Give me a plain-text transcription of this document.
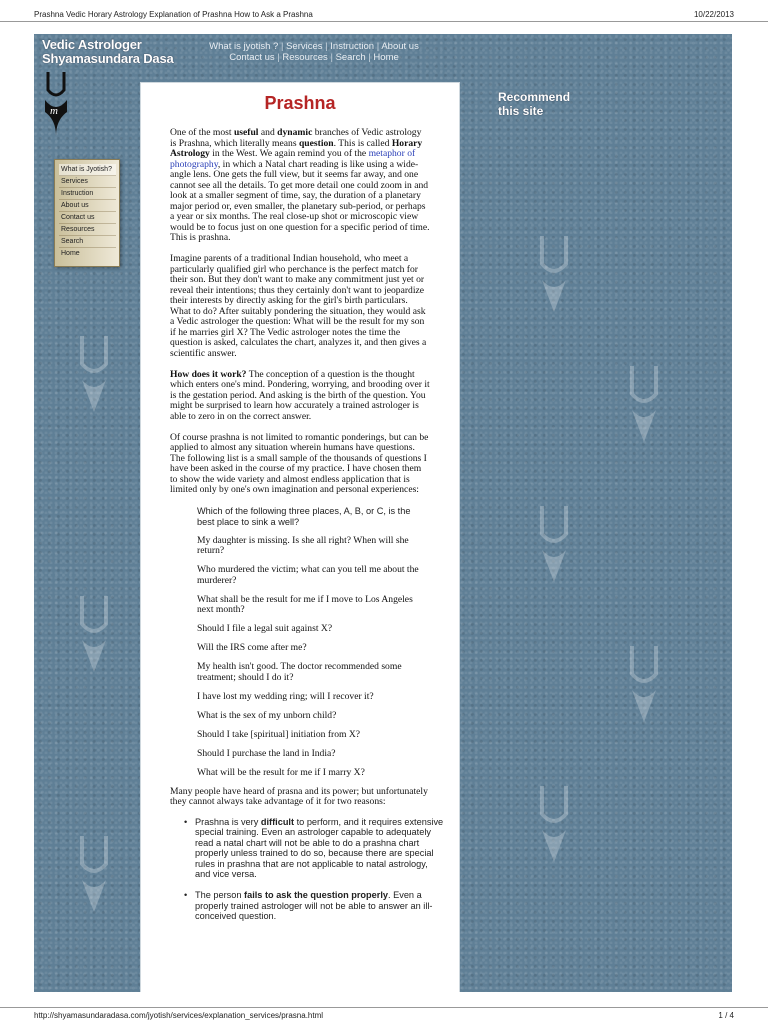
Prashna Vedic Horary Astrology Explanation of Prashna How to Ask a Prashna	10/22/2013
Vedic Astrologer
Shyamasundara Dasa
m
What is jyotish ? | Services | Instruction | About us
Contact us | Resources | Search | Home
What is Jyotish?
Services
Instruction
About us
Contact us
Resources
Search
Home
Recommend
this site
Prashna

One of the most useful and dynamic branches of Vedic astrology is Prashna, which literally means question. This is called Horary Astrology in the West. We again remind you of the metaphor of photography, in which a Natal chart reading is like using a wide-angle lens. One gets the full view, but it seems far away, and one cannot see all the details. To get more detail one could zoom in and look at a smaller segment of time, say, the duration of a planetary major period or, even smaller, the planetary sub-period, or perhaps a year or six months. The real close-up shot or microscopic view would be to focus just on one question for a specific period of time. This is prashna.

Imagine parents of a traditional Indian household, who meet a particularly qualified girl who perchance is the perfect match for their son. But they don't want to make any commitment just yet or reveal their intentions; thus they certainly don't want to jeopardize their interests by directly asking for the girl's birth particulars. What to do? After suitably pondering the situation, they would ask a Vedic astrologer the question: What will be the result for my son if he marries girl X? The Vedic astrologer notes the time the question is asked, calculates the chart, analyzes it, and then gives a scientific answer.

How does it work? The conception of a question is the thought which enters one's mind. Pondering, worrying, and brooding over it is the gestation period. And asking is the birth of the question. You might be surprised to learn how accurately a trained astrologer is able to zero in on the correct answer.

Of course prashna is not limited to romantic ponderings, but can be applied to almost any situation wherein humans have questions. The following list is a small sample of the thousands of questions I have been asked in the course of my practice. I have chosen them to show the wide variety and almost endless application that is limited only by one's own imagination and personal experiences:

Which of the following three places, A, B, or C, is the best place to sink a well?
My daughter is missing. Is she all right? When will she return?
Who murdered the victim; what can you tell me about the murderer?
What shall be the result for me if I move to Los Angeles next month?
Should I file a legal suit against X?
Will the IRS come after me?
My health isn't good. The doctor recommended some treatment; should I do it?
I have lost my wedding ring; will I recover it?
What is the sex of my unborn child?
Should I take [spiritual] initiation from X?
Should I purchase the land in India?
What will be the result for me if I marry X?

Many people have heard of prasna and its power; but unfortunately they cannot always take advantage of it for two reasons:

• Prashna is very difficult to perform, and it requires extensive special training. Even an astrologer capable to adequately read a natal chart will not be able to do a prashna chart properly unless trained to do so, because there are special rules in prashna that are not applicable to natal astrology, and vice versa.
• The person fails to ask the question properly. Even a properly trained astrologer will not be able to answer an ill-conceived question.
http://shyamasundaradasa.com/jyotish/services/explanation_services/prasna.html	1 / 4
